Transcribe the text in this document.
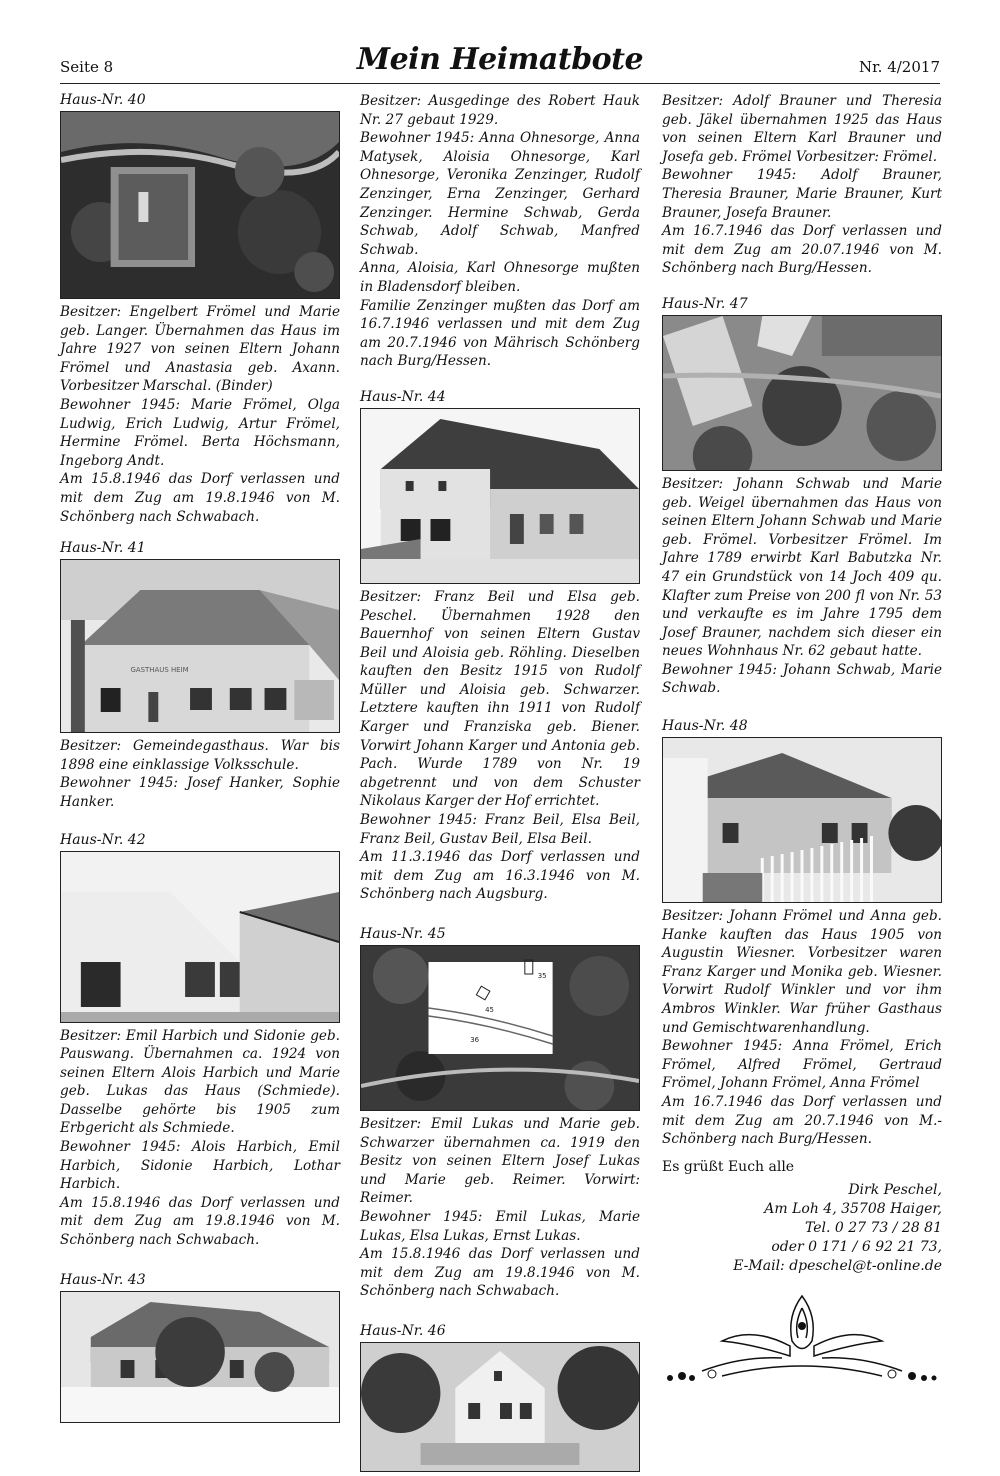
Seite 8	Mein Heimatbote	Nr. 4/2017
Haus-Nr. 40

Besitzer: Engelbert Frömel und Marie geb. Langer. Übernahmen das Haus im Jahre 1927 von seinen Eltern Johann Frömel und Anastasia geb. Axann. Vorbesitzer Marschal. (Binder)

Bewohner 1945: Marie Frömel, Olga Ludwig, Erich Ludwig, Artur Frömel, Hermine Frömel. Berta Höchsmann, Ingeborg Andt.

Am 15.8.1946 das Dorf verlassen und mit dem Zug am 19.8.1946 von M. Schönberg nach Schwabach.

Haus-Nr. 41
GASTHAUS HEIM

Besitzer: Gemeindegasthaus. War bis 1898 eine einklassige Volksschule.

Bewohner 1945: Josef Hanker, Sophie Hanker.

Haus-Nr. 42

Besitzer: Emil Harbich und Sidonie geb. Pauswang. Übernahmen ca. 1924 von seinen Eltern Alois Harbich und Marie geb. Lukas das Haus (Schmiede). Dasselbe gehörte bis 1905 zum Erbgericht als Schmiede.

Bewohner 1945: Alois Harbich, Emil Harbich, Sidonie Harbich, Lothar Harbich.

Am 15.8.1946 das Dorf verlassen und mit dem Zug am 19.8.1946 von M. Schönberg nach Schwabach.

Haus-Nr. 43

Besitzer: Ausgedinge des Robert Hauk Nr. 27 gebaut 1929.

Bewohner 1945: Anna Ohnesorge, Anna Matysek, Aloisia Ohnesorge, Karl Ohnesorge, Veronika Zenzinger, Rudolf Zenzinger, Erna Zenzinger, Gerhard Zenzinger. Hermine Schwab, Gerda Schwab, Adolf Schwab, Manfred Schwab.

Anna, Aloisia, Karl Ohnesorge mußten in Bladensdorf bleiben.

Familie Zenzinger mußten das Dorf am 16.7.1946 verlassen und mit dem Zug am 20.7.1946 von Mährisch Schönberg nach Burg/Hessen.

Haus-Nr. 44

Besitzer: Franz Beil und Elsa geb. Peschel. Übernahmen 1928 den Bauernhof von seinen Eltern Gustav Beil und Aloisia geb. Röhling. Dieselben kauften den Besitz 1915 von Rudolf Müller und Aloisia geb. Schwarzer. Letztere kauften ihn 1911 von Rudolf Karger und Franziska geb. Biener. Vorwirt Johann Karger und Antonia geb. Pach. Wurde 1789 von Nr. 19 abgetrennt und von dem Schuster Nikolaus Karger der Hof errichtet.

Bewohner 1945: Franz Beil, Elsa Beil, Franz Beil, Gustav Beil, Elsa Beil.

Am 11.3.1946 das Dorf verlassen und mit dem Zug am 16.3.1946 von M. Schönberg nach Augsburg.

Haus-Nr. 45
35
45
36

Besitzer: Emil Lukas und Marie geb. Schwarzer übernahmen ca. 1919 den Besitz von seinen Eltern Josef Lukas und Marie geb. Reimer. Vorwirt: Reimer.

Bewohner 1945: Emil Lukas, Marie Lukas, Elsa Lukas, Ernst Lukas.

Am 15.8.1946 das Dorf verlassen und mit dem Zug am 19.8.1946 von M. Schönberg nach Schwabach.

Haus-Nr. 46

Besitzer: Adolf Brauner und Theresia geb. Jäkel übernahmen 1925 das Haus von seinen Eltern Karl Brauner und Josefa geb. Frömel Vorbesitzer: Frömel.

Bewohner 1945: Adolf Brauner, Theresia Brauner, Marie Brauner, Kurt Brauner, Josefa Brauner.

Am 16.7.1946 das Dorf verlassen und mit dem Zug am 20.07.1946 von M. Schönberg nach Burg/Hessen.

Haus-Nr. 47

Besitzer: Johann Schwab und Marie geb. Weigel übernahmen das Haus von seinen Eltern Johann Schwab und Marie geb. Frömel. Vorbesitzer Frömel. Im Jahre 1789 erwirbt Karl Babutzka Nr. 47 ein Grundstück von 14 Joch 409 qu. Klafter zum Preise von 200 fl von Nr. 53 und verkaufte es im Jahre 1795 dem Josef Brauner, nachdem sich dieser ein neues Wohnhaus Nr. 62 gebaut hatte.

Bewohner 1945: Johann Schwab, Marie Schwab.

Haus-Nr. 48

Besitzer: Johann Frömel und Anna geb. Hanke kauften das Haus 1905 von Augustin Wiesner. Vorbesitzer waren Franz Karger und Monika geb. Wiesner. Vorwirt Rudolf Winkler und vor ihm Ambros Winkler. War früher Gasthaus und Gemischtwarenhandlung.

Bewohner 1945: Anna Frömel, Erich Frömel, Alfred Frömel, Gertraud Frömel, Johann Frömel, Anna Frömel

Am 16.7.1946 das Dorf verlassen und mit dem Zug am 20.7.1946 von M.-Schönberg nach Burg/Hessen.

Es grüßt Euch alle
Dirk Peschel,
Am Loh 4, 35708 Haiger,
Tel. 0 27 73 / 28 81
oder 0 171 / 6 92 21 73,
E-Mail: dpeschel@t-online.de
